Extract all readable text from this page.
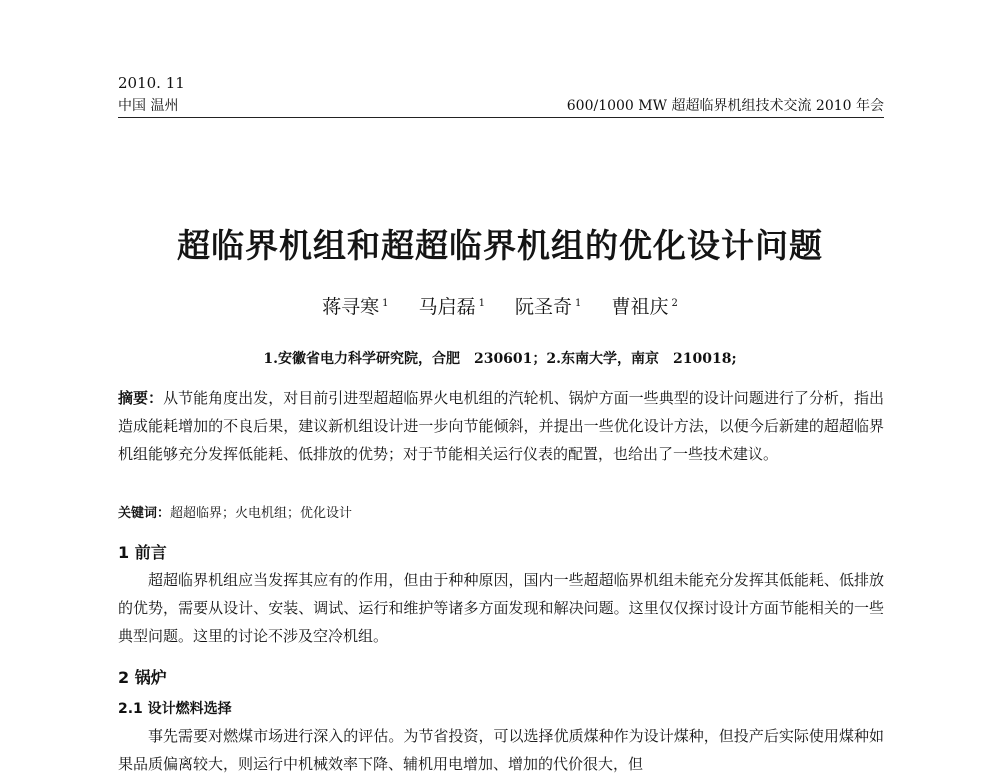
2010. 11
中国 温州	600/1000 MW 超超临界机组技术交流 2010 年会
超临界机组和超超临界机组的优化设计问题
蒋寻寒 $^1$ 马启磊 $^1$ 阮圣奇 $^1$ 曹祖庆 $^2$
1.安徽省电力科学研究院，合肥　230601；2.东南大学，南京　210018;
摘要：从节能角度出发，对目前引进型超超临界火电机组的汽轮机、锅炉方面一些典型的设计问题进行了分析，指出造成能耗增加的不良后果，建议新机组设计进一步向节能倾斜，并提出一些优化设计方法，以便今后新建的超超临界机组能够充分发挥低能耗、低排放的优势；对于节能相关运行仪表的配置，也给出了一些技术建议。
关键词：超超临界；火电机组；优化设计
1 前言
超超临界机组应当发挥其应有的作用，但由于种种原因，国内一些超超临界机组未能充分发挥其低能耗、低排放的优势，需要从设计、安装、调试、运行和维护等诸多方面发现和解决问题。这里仅仅探讨设计方面节能相关的一些典型问题。这里的讨论不涉及空冷机组。
2 锅炉
2.1 设计燃料选择
事先需要对燃煤市场进行深入的评估。为节省投资，可以选择优质煤种作为设计煤种，但投产后实际使用煤种如果品质偏离较大，则运行中机械效率下降、辅机用电增加、增加的代价很大，但
